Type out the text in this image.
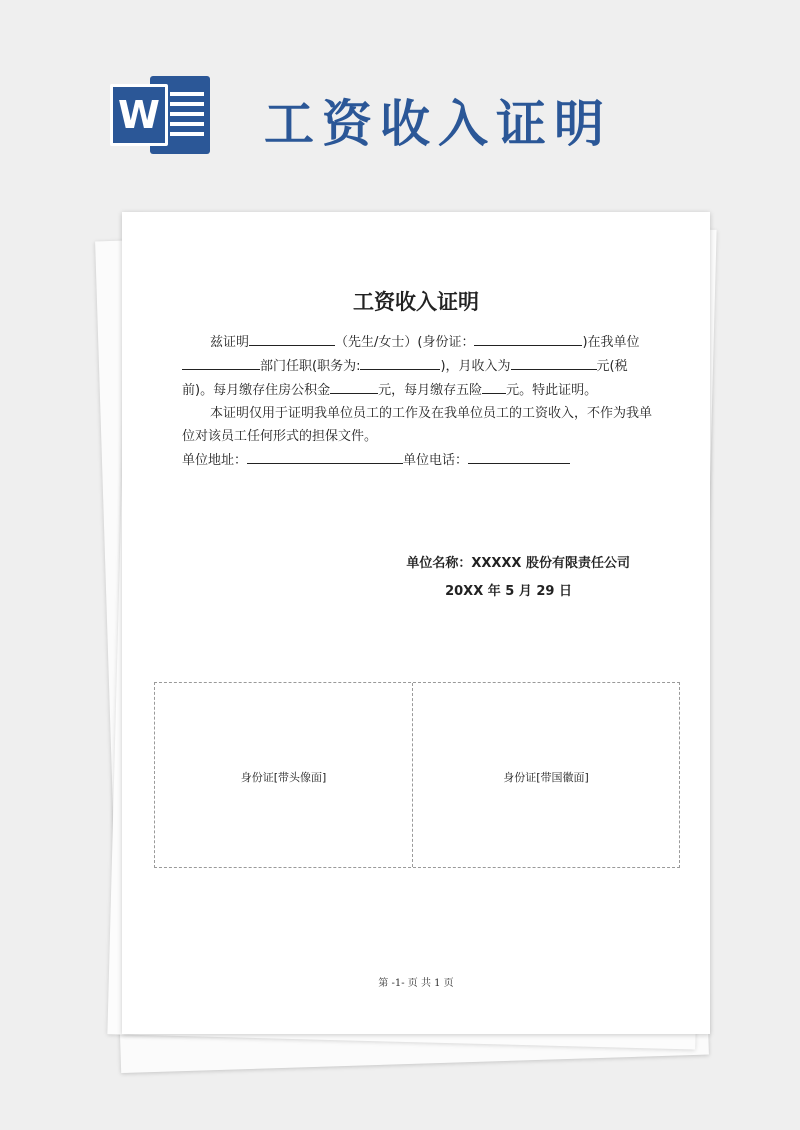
W 工资收入证明
工资收入证明

兹证明	（先生/女士）(身份证：	)在我单位部门任职(职务为:	)，月收入为	元(税前)。每月缴存住房公积金	元，每月缴存五险 元。特此证明。

本证明仅用于证明我单位员工的工作及在我单位员工的工资收入，不作为我单位对该员工任何形式的担保文件。

单位地址：	单位电话：

单位名称：XXXXX 股份有限责任公司
20XX 年 5 月 29 日
身份证[带头像面]	身份证[带国徽面]
第 -1- 页 共 1 页
